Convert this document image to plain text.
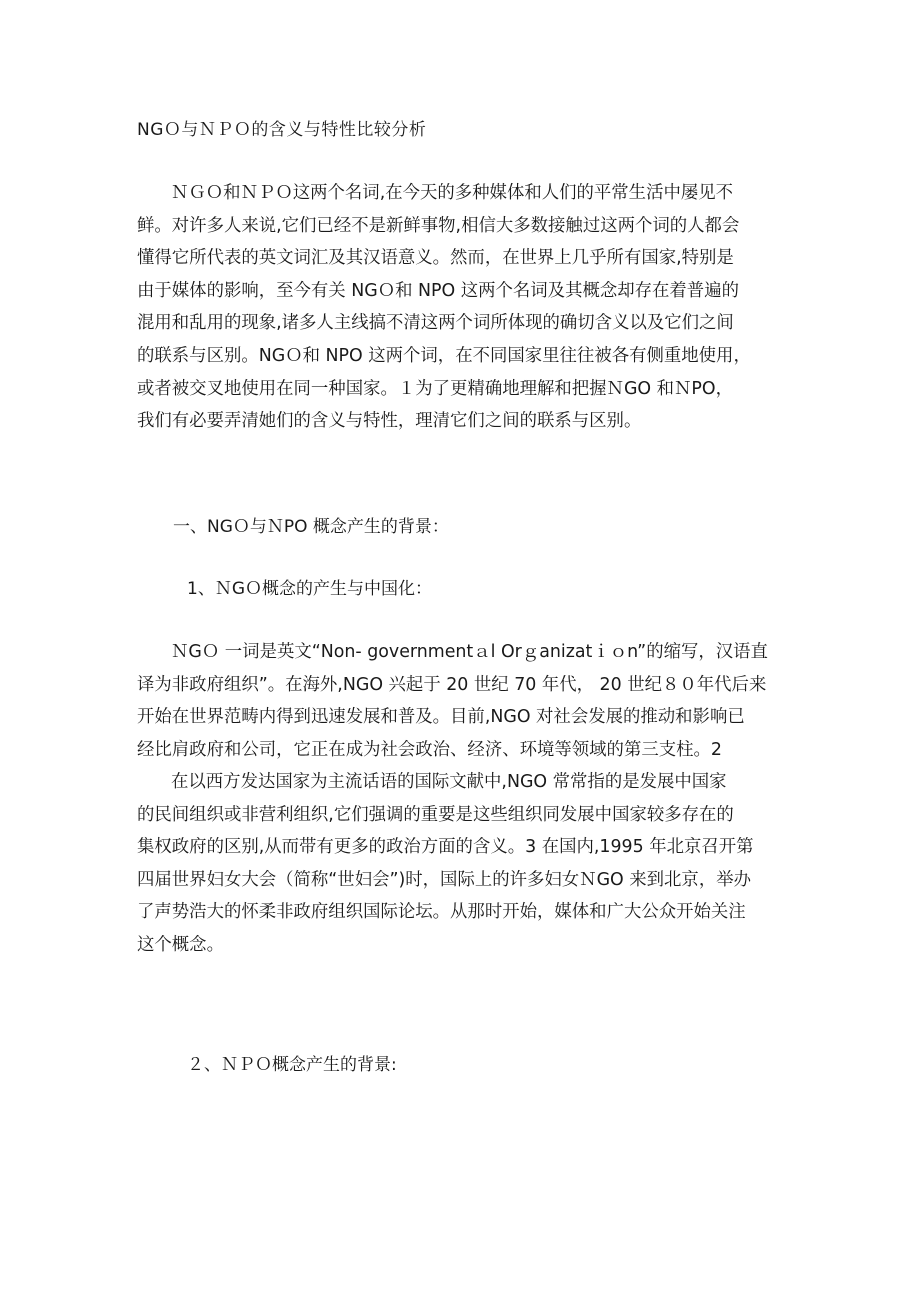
NGＯ与ＮＰＯ的含义与特性比较分析
ＮＧＯ和ＮＰＯ这两个名词,在今天的多种媒体和人们的平常生活中屡见不
鲜。对许多人来说,它们已经不是新鲜事物,相信大多数接触过这两个词的人都会
懂得它所代表的英文词汇及其汉语意义。然而，在世界上几乎所有国家,特别是
由于媒体的影响，至今有关 NGＯ和 NPO 这两个名词及其概念却存在着普遍的
混用和乱用的现象,诸多人主线搞不清这两个词所体现的确切含义以及它们之间
的联系与区别。NGＯ和 NPO 这两个词，在不同国家里往往被各有侧重地使用，
或者被交叉地使用在同一种国家。１为了更精确地理解和把握ＮGO 和ＮPO，
我们有必要弄清她们的含义与特性，理清它们之间的联系与区别。
一、NGＯ与ＮPO 概念产生的背景：
1、ＮGＯ概念的产生与中国化：
ＮGＯ 一词是英文“Non- governmentａl Orｇanizatｉｏn”的缩写，汉语直
译为非政府组织”。在海外,NGO 兴起于 20 世纪 70 年代， 20 世纪８０年代后来
开始在世界范畴内得到迅速发展和普及。目前,NGO 对社会发展的推动和影响已
经比肩政府和公司，它正在成为社会政治、经济、环境等领域的第三支柱。2
在以西方发达国家为主流话语的国际文献中,NGO 常常指的是发展中国家
的民间组织或非营利组织,它们强调的重要是这些组织同发展中国家较多存在的
集权政府的区别,从而带有更多的政治方面的含义。3 在国内,1995 年北京召开第
四届世界妇女大会（简称“世妇会”)时，国际上的许多妇女ＮGO 来到北京，举办
了声势浩大的怀柔非政府组织国际论坛。从那时开始，媒体和广大公众开始关注
这个概念。
２、ＮＰＯ概念产生的背景:
